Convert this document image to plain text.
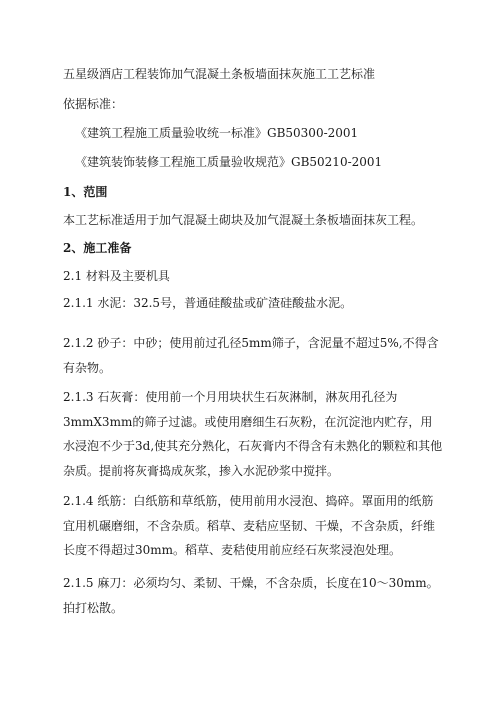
五星级酒店工程装饰加气混凝土条板墙面抹灰施工工艺标准
依据标准：
《建筑工程施工质量验收统一标准》GB50300-2001
《建筑装饰装修工程施工质量验收规范》GB50210-2001
1、范围
本工艺标准适用于加气混凝土砌块及加气混凝土条板墙面抹灰工程。
2、施工准备
2.1 材料及主要机具
2.1.1 水泥：32.5号，普通硅酸盐或矿渣硅酸盐水泥。
2.1.2 砂子：中砂；使用前过孔径5mm筛子，含泥量不超过5%,不得含有杂物。
2.1.3 石灰膏：使用前一个月用块状生石灰淋制，淋灰用孔径为3mmX3mm的筛子过滤。或使用磨细生石灰粉，在沉淀池内贮存，用水浸泡不少于3d,使其充分熟化，石灰膏内不得含有未熟化的颗粒和其他杂质。提前将灰膏捣成灰浆，掺入水泥砂浆中搅拌。
2.1.4 纸筋：白纸筋和草纸筋，使用前用水浸泡、捣碎。罩面用的纸筋宜用机碾磨细，不含杂质。稻草、麦秸应坚韧、干燥，不含杂质，纤维长度不得超过30mm。稻草、麦秸使用前应经石灰浆浸泡处理。
2.1.5 麻刀：必须均匀、柔韧、干燥，不含杂质，长度在10～30mm。拍打松散。
